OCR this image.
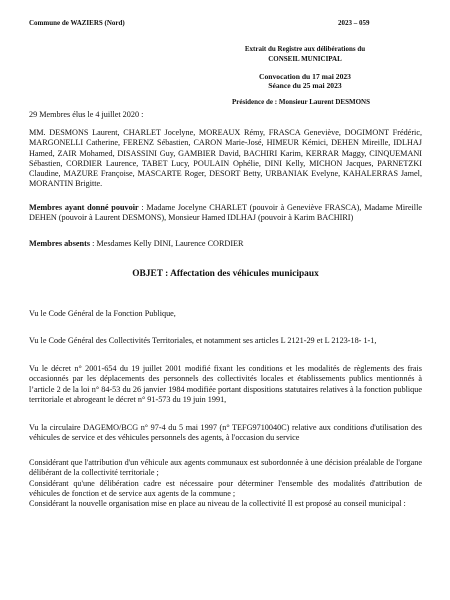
Commune de WAZIERS (Nord)	2023 – 059
Extrait du Registre aux délibérations du
CONSEIL MUNICIPAL
Convocation du 17 mai 2023
Séance du 25 mai 2023
Présidence de : Monsieur Laurent DESMONS
29 Membres élus le 4 juillet 2020 :
MM. DESMONS Laurent, CHARLET Jocelyne, MOREAUX Rémy, FRASCA Geneviève, DOGIMONT Frédéric, MARGONELLI Catherine, FERENZ Sébastien, CARON Marie-José, HIMEUR Kémici, DEHEN Mireille, IDLHAJ Hamed, ZAIR Mohamed, DISASSINI Guy, GAMBIER David, BACHIRI Karim, KERRAR Maggy, CINQUEMANI Sébastien, CORDIER Laurence, TABET Lucy, POULAIN Ophélie, DINI Kelly, MICHON Jacques, PARNETZKI Claudine, MAZURE Françoise, MASCARTE Roger, DESORT Betty, URBANIAK Evelyne, KAHALERRAS Jamel, MORANTIN Brigitte.
Membres ayant donné pouvoir : Madame Jocelyne CHARLET (pouvoir à Geneviève FRASCA), Madame Mireille DEHEN (pouvoir à Laurent DESMONS), Monsieur Hamed IDLHAJ (pouvoir à Karim BACHIRI)
Membres absents : Mesdames Kelly DINI, Laurence CORDIER
OBJET : Affectation des véhicules municipaux
Vu le Code Général de la Fonction Publique,
Vu le Code Général des Collectivités Territoriales, et notamment ses articles L 2121-29 et L 2123-18- 1-1,
Vu le décret n° 2001-654 du 19 juillet 2001 modifié fixant les conditions et les modalités de règlements des frais occasionnés par les déplacements des personnels des collectivités locales et établissements publics mentionnés à l’article 2 de la loi n° 84-53 du 26 janvier 1984 modifiée portant dispositions statutaires relatives à la fonction publique territoriale et abrogeant le décret n° 91-573 du 19 juin 1991,
Vu la circulaire DAGEMO/BCG n° 97-4 du 5 mai 1997 (n° TEFG9710040C) relative aux conditions d'utilisation des véhicules de service et des véhicules personnels des agents, à l'occasion du service
Considérant que l'attribution d'un véhicule aux agents communaux est subordonnée à une décision préalable de l'organe délibérant de la collectivité territoriale ;
Considérant qu'une délibération cadre est nécessaire pour déterminer l'ensemble des modalités d'attribution de véhicules de fonction et de service aux agents de la commune ;
Considérant la nouvelle organisation mise en place au niveau de la collectivité Il est proposé au conseil municipal :
